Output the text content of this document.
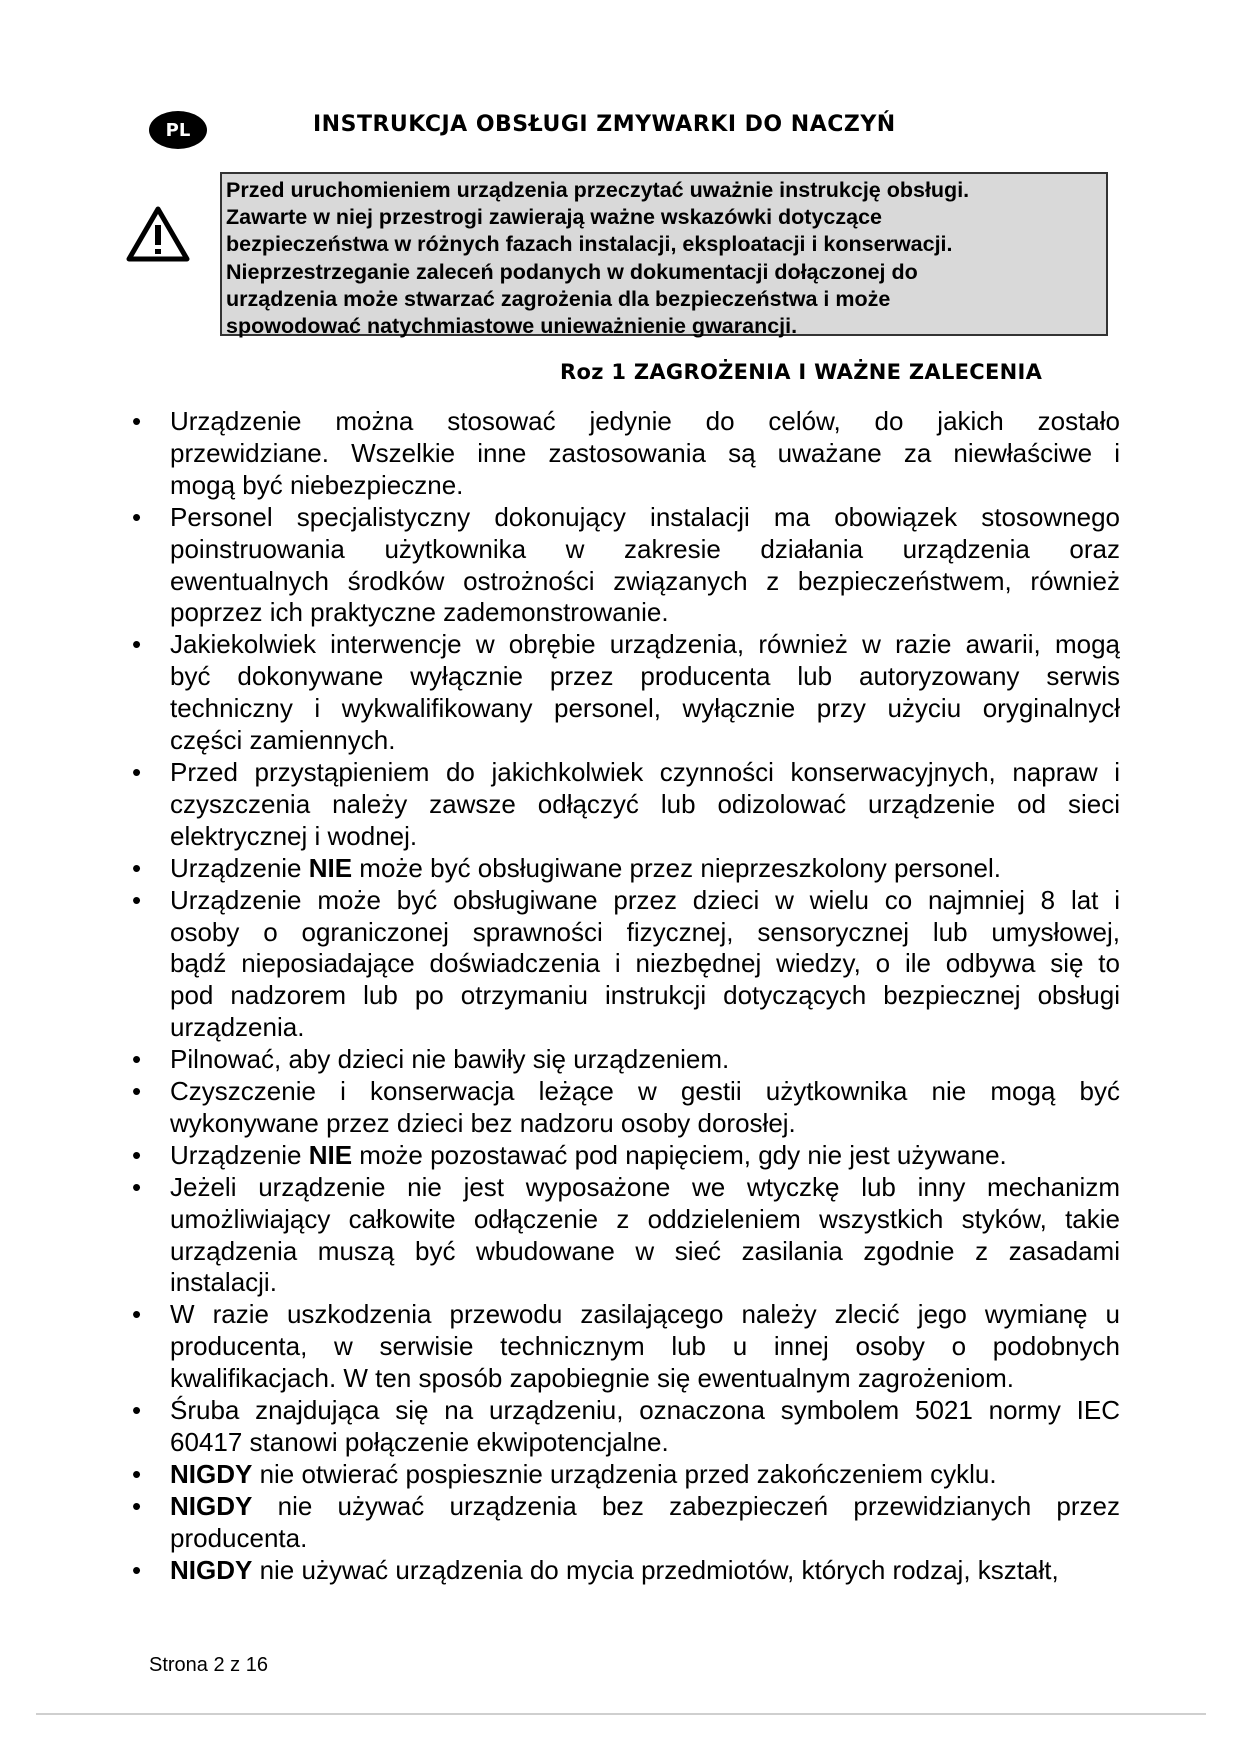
PL	INSTRUKCJA OBSŁUGI ZMYWARKI DO NACZYŃ

Przed uruchomieniem urządzenia przeczytać uważnie instrukcję obsługi.

Zawarte w niej przestrogi zawierają ważne wskazówki dotyczące

bezpieczeństwa w różnych fazach instalacji, eksploatacji i konserwacji.

Nieprzestrzeganie zaleceń podanych w dokumentacji dołączonej do

urządzenia może stwarzać zagrożenia dla bezpieczeństwa i może

spowodować natychmiastowe unieważnienie gwarancji.

Roz 1 ZAGROŻENIA I WAŻNE ZALECENIA
• Urządzenie można stosować jedynie do celów, do jakich zostało
przewidziane. Wszelkie inne zastosowania są uważane za niewłaściwe i
mogą być niebezpieczne.
• Personel specjalistyczny dokonujący instalacji ma obowiązek stosownego
poinstruowania użytkownika w zakresie działania urządzenia oraz
ewentualnych środków ostrożności związanych z bezpieczeństwem, również
poprzez ich praktyczne zademonstrowanie.
• Jakiekolwiek interwencje w obrębie urządzenia, również w razie awarii, mogą
być dokonywane wyłącznie przez producenta lub autoryzowany serwis
techniczny i wykwalifikowany personel, wyłącznie przy użyciu oryginalnycł
części zamiennych.
• Przed przystąpieniem do jakichkolwiek czynności konserwacyjnych, napraw i
czyszczenia należy zawsze odłączyć lub odizolować urządzenie od sieci
elektrycznej i wodnej.
• Urządzenie NIE może być obsługiwane przez nieprzeszkolony personel.
• Urządzenie może być obsługiwane przez dzieci w wielu co najmniej 8 lat i
osoby o ograniczonej sprawności fizycznej, sensorycznej lub umysłowej,
bądź nieposiadające doświadczenia i niezbędnej wiedzy, o ile odbywa się to
pod nadzorem lub po otrzymaniu instrukcji dotyczących bezpiecznej obsługi
urządzenia.
• Pilnować, aby dzieci nie bawiły się urządzeniem.
• Czyszczenie i konserwacja leżące w gestii użytkownika nie mogą być
wykonywane przez dzieci bez nadzoru osoby dorosłej.
• Urządzenie NIE może pozostawać pod napięciem, gdy nie jest używane.
• Jeżeli urządzenie nie jest wyposażone we wtyczkę lub inny mechanizm
umożliwiający całkowite odłączenie z oddzieleniem wszystkich styków, takie
urządzenia muszą być wbudowane w sieć zasilania zgodnie z zasadami
instalacji.
• W razie uszkodzenia przewodu zasilającego należy zlecić jego wymianę u
producenta, w serwisie technicznym lub u innej osoby o podobnych
kwalifikacjach. W ten sposób zapobiegnie się ewentualnym zagrożeniom.
• Śruba znajdująca się na urządzeniu, oznaczona symbolem 5021 normy IEC
60417 stanowi połączenie ekwipotencjalne.
• NIGDY nie otwierać pospiesznie urządzenia przed zakończeniem cyklu.
• NIGDY nie używać urządzenia bez zabezpieczeń przewidzianych przez
producenta.
• NIGDY nie używać urządzenia do mycia przedmiotów, których rodzaj, kształt,
Strona 2 z 16
